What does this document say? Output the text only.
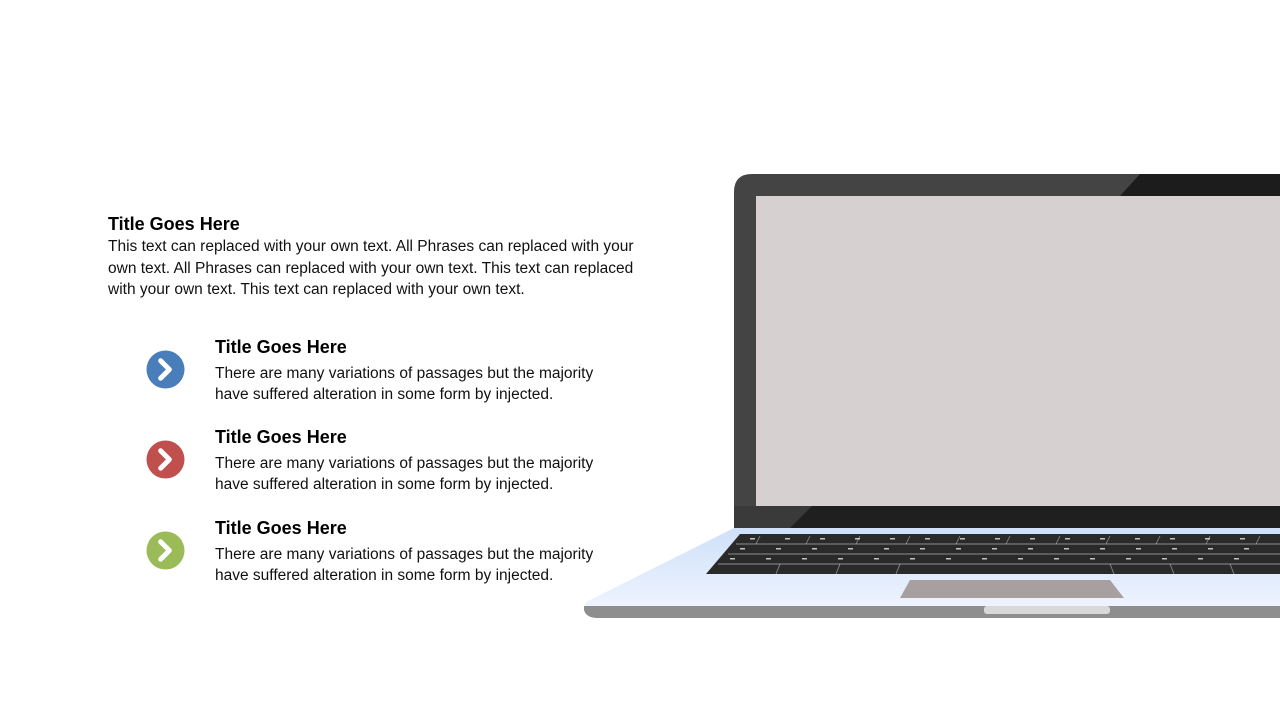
Title Goes Here

This text can replaced with your own text. All Phrases can replaced with your own text. All Phrases can replaced with your own text. This text can replaced with your own text. This text can replaced with your own text.

Title Goes Here

There are many variations of passages but the majority have suffered alteration in some form by injected.

Title Goes Here

There are many variations of passages but the majority have suffered alteration in some form by injected.

Title Goes Here

There are many variations of passages but the majority have suffered alteration in some form by injected.
